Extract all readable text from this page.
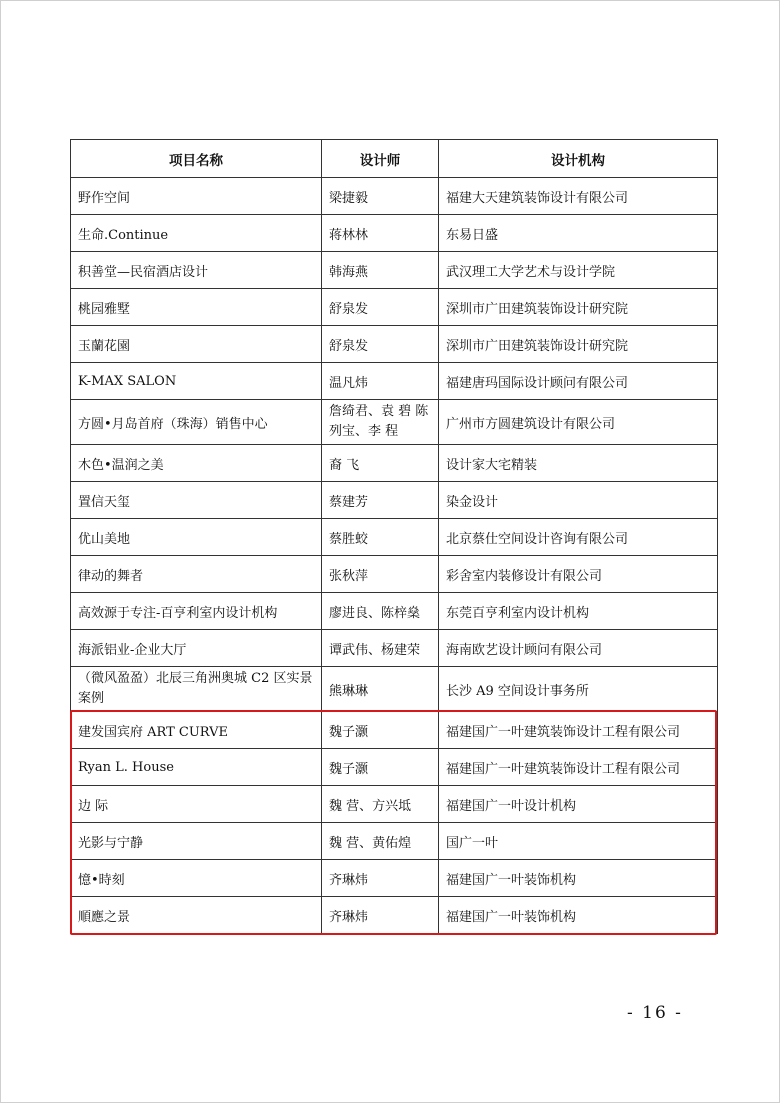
项目名称	设计师	设计机构
野作空间	梁捷毅	福建大天建筑装饰设计有限公司
生命.Continue	蒋林林	东易日盛
积善堂—民宿酒店设计	韩海燕	武汉理工大学艺术与设计学院
桃园雅墅	舒泉发	深圳市广田建筑装饰设计研究院
玉蘭花園	舒泉发	深圳市广田建筑装饰设计研究院
K-MAX SALON	温凡炜	福建唐玛国际设计顾问有限公司
方圆•月岛首府（珠海）销售中心	詹绮君、袁 碧 陈列宝、李 程	广州市方圆建筑设计有限公司
木色•温润之美	裔 飞	设计家大宅精装
置信天玺	蔡建芳	染金设计
优山美地	蔡胜蛟	北京蔡仕空间设计咨询有限公司
律动的舞者	张秋萍	彩舍室内装修设计有限公司
高效源于专注-百亨利室内设计机构	廖进良、陈梓燊	东莞百亨利室内设计机构
海派铝业-企业大厅	谭武伟、杨建荣	海南欧艺设计顾问有限公司
（微风盈盈）北辰三角洲奥城 C2 区实景案例	熊琳琳	长沙 A9 空间设计事务所
建发国宾府 ART CURVE	魏子灏	福建国广一叶建筑装饰设计工程有限公司
Ryan L. House	魏子灏	福建国广一叶建筑装饰设计工程有限公司
边 际	魏 营、方兴坻	福建国广一叶设计机构
光影与宁静	魏 营、黄佑煌	国广一叶
憶•時刻	齐琳炜	福建国广一叶装饰机构
順應之景	齐琳炜	福建国广一叶装饰机构
- 16 -
